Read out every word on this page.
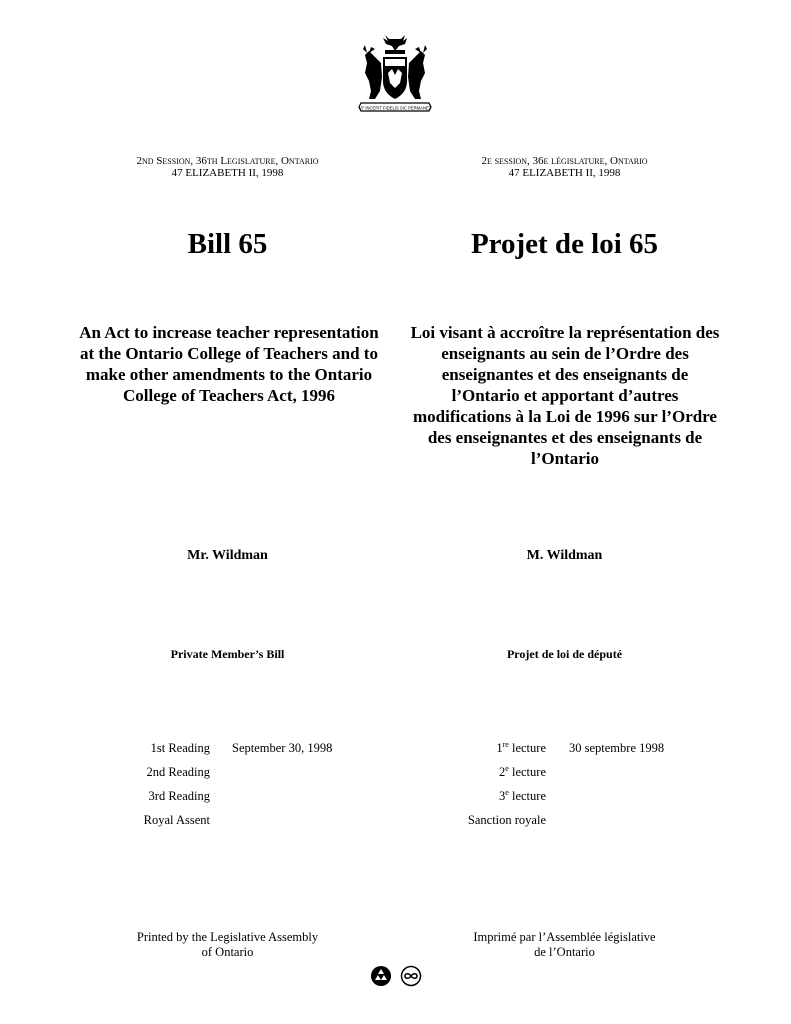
UT INCEPIT FIDELIS SIC PERMANET
2nd Session, 36th Legislature, Ontario
47 ELIZABETH II, 1998
2e session, 36e législature, Ontario
47 ELIZABETH II, 1998
Bill 65	Projet de loi 65
An Act to increase teacher representation at the Ontario College of Teachers and to make other amendments to the Ontario College of Teachers Act, 1996
Loi visant à accroître la représentation des enseignants au sein de l’Ordre des enseignantes et des enseignants de l’Ontario et apportant d’autres modifications à la Loi de 1996 sur l’Ordre des enseignantes et des enseignants de l’Ontario
Mr. Wildman	M. Wildman
Private Member’s Bill	Projet de loi de député
1st Reading September 30, 1998
2nd Reading
3rd Reading
Royal Assent
1re lecture 30 septembre 1998
2e lecture
3e lecture
Sanction royale
Printed by the Legislative Assembly
of Ontario
Imprimé par l’Assemblée législative
de l’Ontario
